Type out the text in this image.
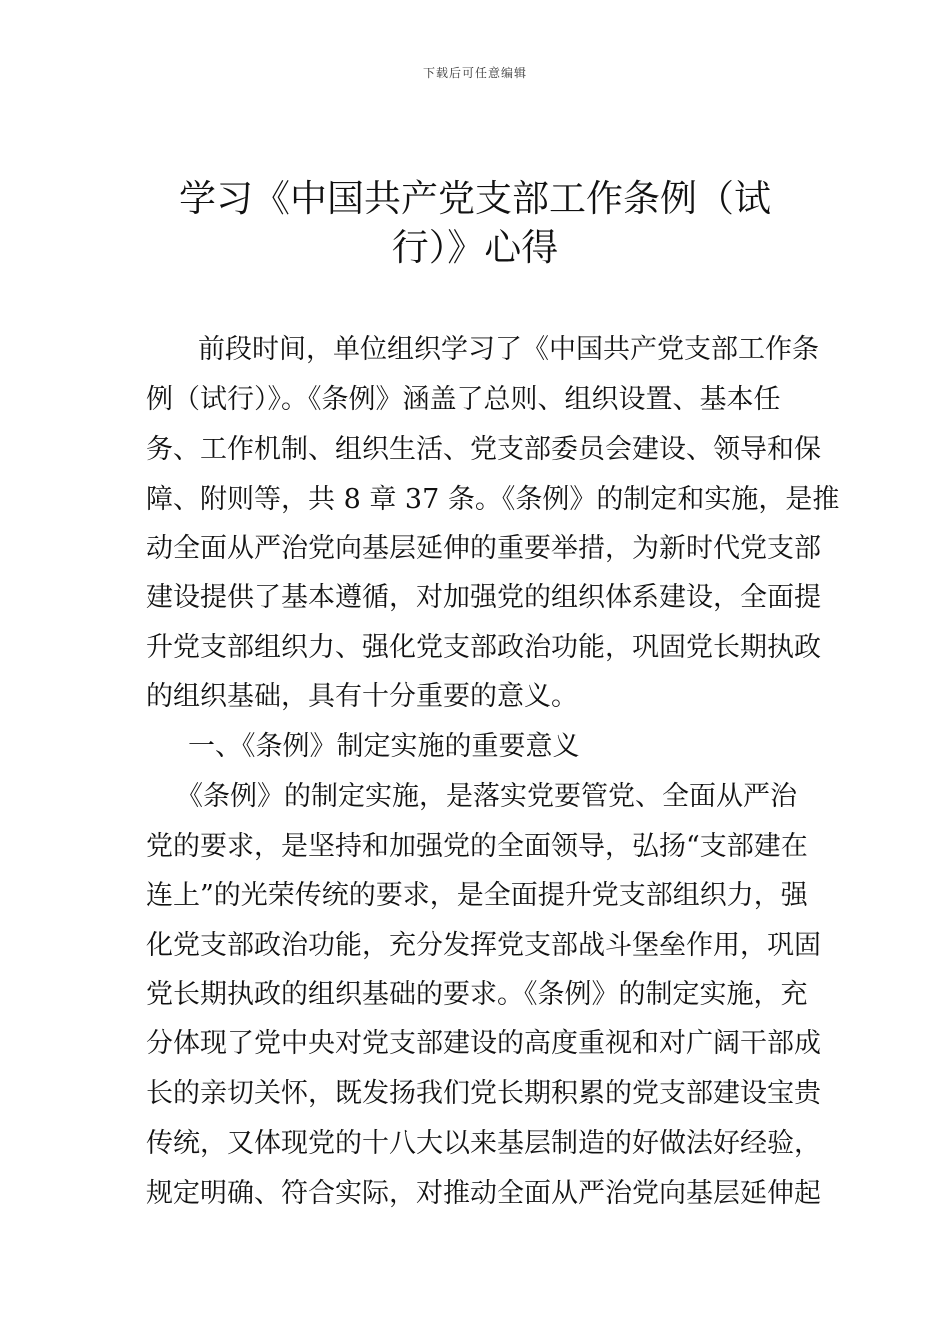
下载后可任意编辑
学习《中国共产党支部工作条例（试
行）》心得
前段时间，单位组织学习了《中国共产党支部工作条
例（试行）》。《条例》涵盖了总则、组织设置、基本任
务、工作机制、组织生活、党支部委员会建设、领导和保
障、附则等，共 8 章 37 条。《条例》的制定和实施，是推
动全面从严治党向基层延伸的重要举措，为新时代党支部
建设提供了基本遵循，对加强党的组织体系建设，全面提
升党支部组织力、强化党支部政治功能，巩固党长期执政
的组织基础，具有十分重要的意义。
一、《条例》制定实施的重要意义
《条例》的制定实施，是落实党要管党、全面从严治
党的要求，是坚持和加强党的全面领导，弘扬“支部建在
连上”的光荣传统的要求，是全面提升党支部组织力，强
化党支部政治功能，充分发挥党支部战斗堡垒作用，巩固
党长期执政的组织基础的要求。《条例》的制定实施，充
分体现了党中央对党支部建设的高度重视和对广阔干部成
长的亲切关怀，既发扬我们党长期积累的党支部建设宝贵
传统，又体现党的十八大以来基层制造的好做法好经验，
规定明确、符合实际，对推动全面从严治党向基层延伸起
